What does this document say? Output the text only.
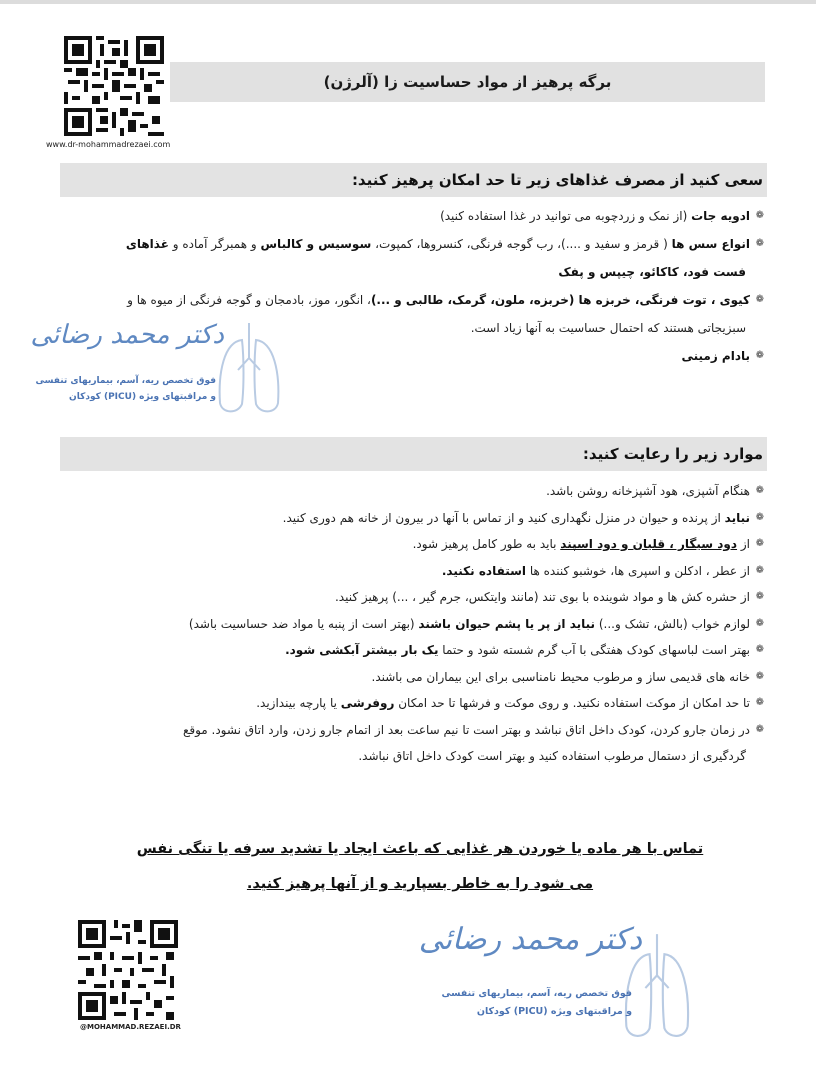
www.dr-mohammadrezaei.com
برگه پرهیز از مواد حساسیت زا (آلرژن)
سعی کنید از مصرف غذاهای زیر تا حد امکان پرهیز کنید:
❁
ادویه جات (از نمک و زردچوبه می توانید در غذا استفاده کنید)
❁
انواع سس ها ( قرمز و سفید و ....)، رب گوجه فرنگی، کنسروها، کمپوت، سوسیس و کالباس و همبرگر آماده و غذاهای
فست فود، کاکائو، چیپس و پفک
❁
کیوی ، توت فرنگی، خربزه ها (خربزه، ملون، گرمک، طالبی و ...)، انگور، موز، بادمجان و گوجه فرنگی از میوه ها و
سبزیجاتی هستند که احتمال حساسیت به آنها زیاد است.
❁
بادام زمینی
دکتر محمد رضائی
فوق تخصص ریه، آسم، بیماریهای تنفسی
و مراقبتهای ویژه (PICU) کودکان
موارد زیر را رعایت کنید:
❁
هنگام آشپزی، هود آشپزخانه روشن باشد.
❁
نباید از پرنده و حیوان در منزل نگهداری کنید و از تماس با آنها در بیرون از خانه هم دوری کنید.
❁
از دود سیگار ، قلیان و دود اسپند باید به طور کامل پرهیز شود.
❁
از عطر ، ادکلن و اسپری ها، خوشبو کننده ها استفاده نکنید.
❁
از حشره کش ها و مواد شوینده با بوی تند (مانند وایتکس، جرم گیر ، ...) پرهیز کنید.
❁
لوازم خواب (بالش، تشک و...) نباید از پر یا پشم حیوان باشند (بهتر است از پنبه یا مواد ضد حساسیت باشد)
❁
بهتر است لباسهای کودک هفتگی با آب گرم شسته شود و حتما یک بار بیشتر آبکشی شود.
❁
خانه های قدیمی ساز و مرطوب محیط نامناسبی برای این بیماران می باشند.
❁
تا حد امکان از موکت استفاده نکنید. و روی موکت و فرشها تا حد امکان روفرشی یا پارچه بیندازید.
❁
در زمان جارو کردن، کودک داخل اتاق نباشد و بهتر است تا نیم ساعت بعد از اتمام جارو زدن، وارد اتاق نشود. موقع
گردگیری از دستمال مرطوب استفاده کنید و بهتر است کودک داخل اتاق نباشد.
تماس با هر ماده یا خوردن هر غذایی که باعث ایجاد یا تشدید سرفه یا تنگی نفس
می شود را به خاطر بسپارید و از آنها پرهیز کنید.
@MOHAMMAD.REZAEI.DR
دکتر محمد رضائی
فوق تخصص ریه، آسم، بیماریهای تنفسی
و مراقبتهای ویژه (PICU) کودکان
